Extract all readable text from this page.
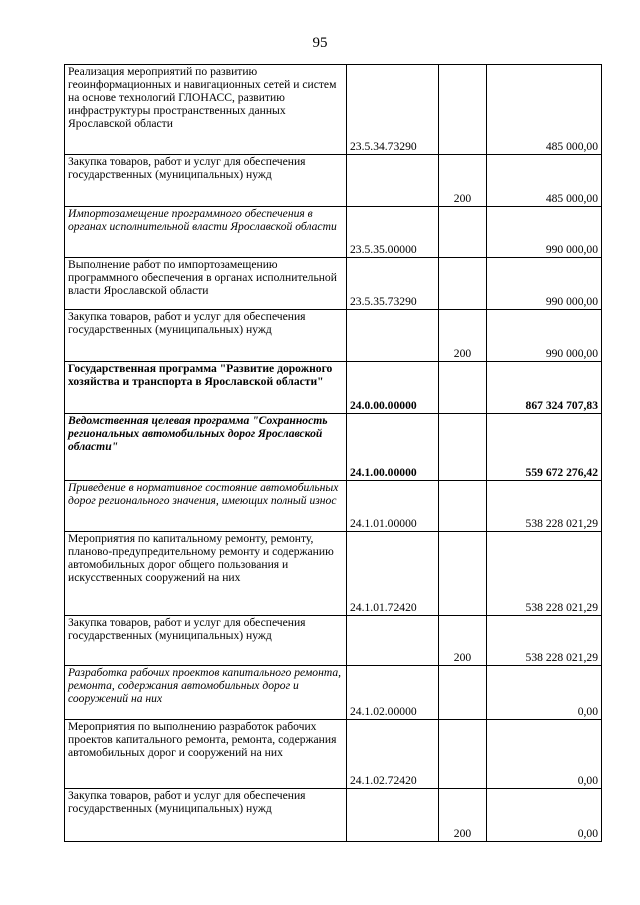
95
Реализация мероприятий по развитию геоинформационных и навигационных сетей и систем на основе технологий ГЛОНАСС, развитию инфраструктуры пространственных данных Ярославской области	23.5.34.73290		485 000,00
Закупка товаров, работ и услуг для обеспечения государственных (муниципальных) нужд		200	485 000,00
Импортозамещение программного обеспечения в органах исполнительной власти Ярославской области	23.5.35.00000		990 000,00
Выполнение работ по импортозамещению программного обеспечения в органах исполнительной власти Ярославской области	23.5.35.73290		990 000,00
Закупка товаров, работ и услуг для обеспечения государственных (муниципальных) нужд		200	990 000,00
Государственная программа "Развитие дорожного хозяйства и транспорта в Ярославской области"	24.0.00.00000		867 324 707,83
Ведомственная целевая программа "Сохранность региональных автомобильных дорог Ярославской области"	24.1.00.00000		559 672 276,42
Приведение в нормативное состояние автомобильных дорог регионального значения, имеющих полный износ	24.1.01.00000		538 228 021,29
Мероприятия по капитальному ремонту, ремонту, планово-предупредительному ремонту и содержанию автомобильных дорог общего пользования и искусственных сооружений на них	24.1.01.72420		538 228 021,29
Закупка товаров, работ и услуг для обеспечения государственных (муниципальных) нужд		200	538 228 021,29
Разработка рабочих проектов капитального ремонта, ремонта, содержания автомобильных дорог и сооружений на них	24.1.02.00000		0,00
Мероприятия по выполнению разработок рабочих проектов капитального ремонта, ремонта, содержания автомобильных дорог и сооружений на них	24.1.02.72420		0,00
Закупка товаров, работ и услуг для обеспечения государственных (муниципальных) нужд		200	0,00
